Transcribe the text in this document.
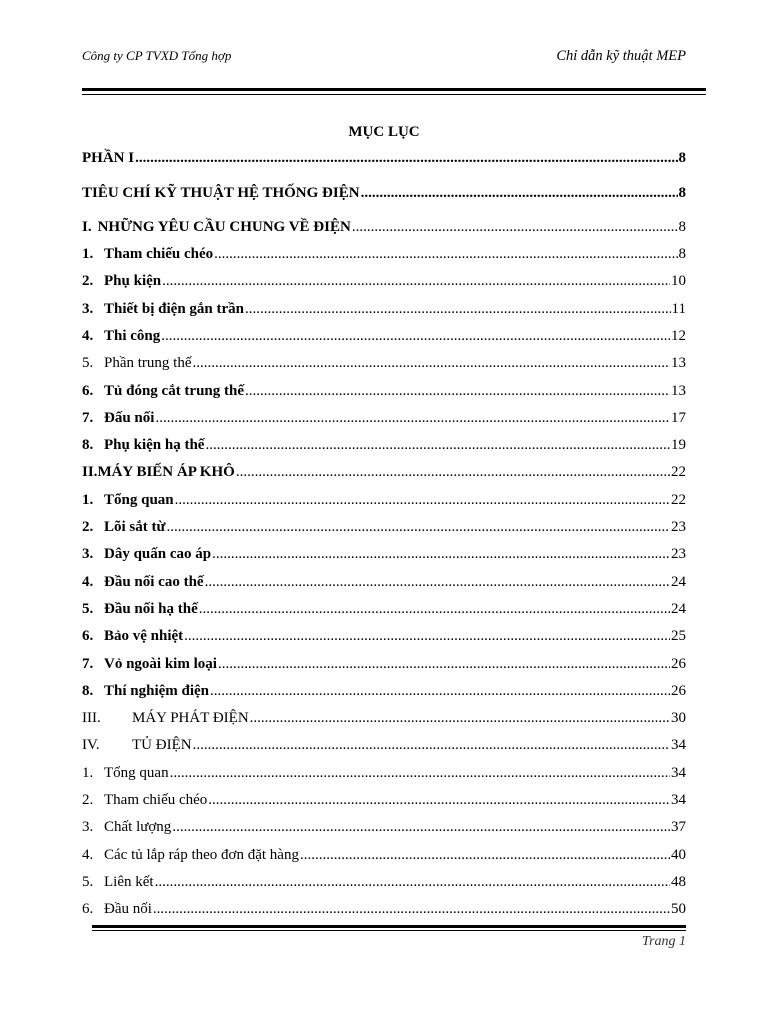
Công ty CP TVXD Tổng hợp	Chỉ dẫn kỹ thuật MEP
MỤC LỤC
PHẦN I .....	8
TIÊU CHÍ KỸ THUẬT HỆ THỐNG ĐIỆN .....	8
I. NHỮNG YÊU CẦU CHUNG VỀ ĐIỆN .....	8
1. Tham chiếu chéo .....	8
2. Phụ kiện .....	10
3. Thiết bị điện gắn trần .....	11
4. Thi công .....	12
5. Phần trung thế .....	13
6. Tủ đóng cắt trung thế .....	13
7. Đấu nối .....	17
8. Phụ kiện hạ thế .....	19
II.MÁY BIẾN ÁP KHÔ .....	22
1. Tổng quan .....	22
2. Lõi sắt từ .....	23
3. Dây quấn cao áp .....	23
4. Đầu nối cao thế .....	24
5. Đầu nối hạ thế .....	24
6. Bảo vệ nhiệt .....	25
7. Vỏ ngoài kim loại .....	26
8. Thí nghiệm điện .....	26
III. MÁY PHÁT ĐIỆN .....	30
IV. TỦ ĐIỆN .....	34
1. Tổng quan .....	34
2. Tham chiếu chéo .....	34
3. Chất lượng .....	37
4. Các tủ lắp ráp theo đơn đặt hàng .....	40
5. Liên kết .....	48
6. Đầu nối .....	50
Trang 1
